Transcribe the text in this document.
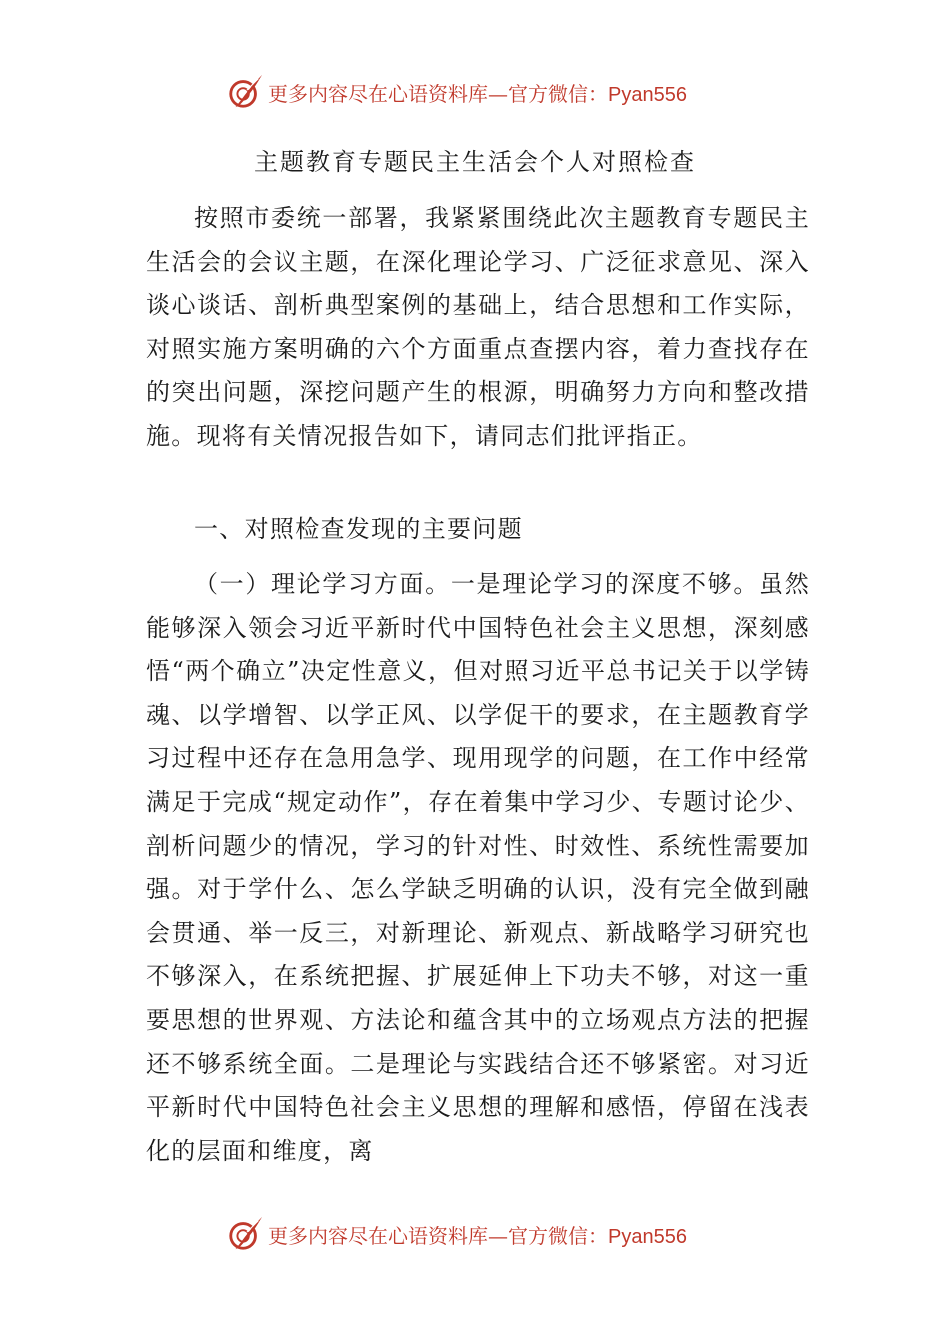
更多内容尽在心语资料库—官方微信：Pyan556
主题教育专题民主生活会个人对照检查

按照市委统一部署，我紧紧围绕此次主题教育专题民主生活会的会议主题，在深化理论学习、广泛征求意见、深入谈心谈话、剖析典型案例的基础上，结合思想和工作实际，对照实施方案明确的六个方面重点查摆内容，着力查找存在的突出问题，深挖问题产生的根源，明确努力方向和整改措施。现将有关情况报告如下，请同志们批评指正。

一、对照检查发现的主要问题

（一）理论学习方面。一是理论学习的深度不够。虽然能够深入领会习近平新时代中国特色社会主义思想，深刻感悟“两个确立”决定性意义，但对照习近平总书记关于以学铸魂、以学增智、以学正风、以学促干的要求，在主题教育学习过程中还存在急用急学、现用现学的问题，在工作中经常满足于完成“规定动作”，存在着集中学习少、专题讨论少、剖析问题少的情况，学习的针对性、时效性、系统性需要加强。对于学什么、怎么学缺乏明确的认识，没有完全做到融会贯通、举一反三，对新理论、新观点、新战略学习研究也不够深入，在系统把握、扩展延伸上下功夫不够，对这一重要思想的世界观、方法论和蕴含其中的立场观点方法的把握还不够系统全面。二是理论与实践结合还不够紧密。对习近平新时代中国特色社会主义思想的理解和感悟，停留在浅表化的层面和维度，离

更多内容尽在心语资料库—官方微信：Pyan556
